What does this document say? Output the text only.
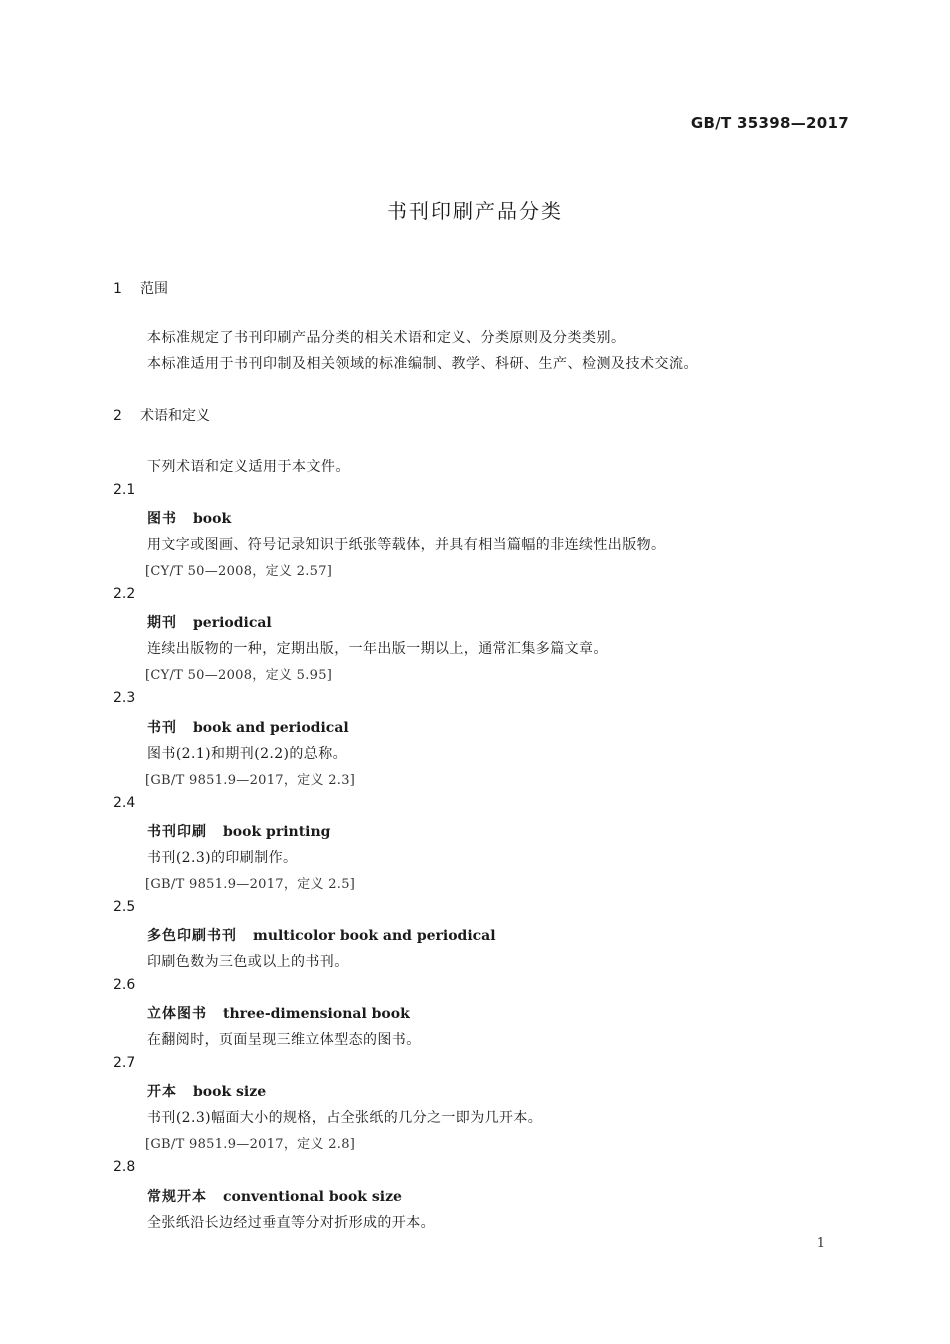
GB/T 35398—2017
书刊印刷产品分类
1 范围
本标准规定了书刊印刷产品分类的相关术语和定义、分类原则及分类类别。
本标准适用于书刊印制及相关领域的标准编制、教学、科研、生产、检测及技术交流。
2 术语和定义
下列术语和定义适用于本文件。
2.1
图书 book
用文字或图画、符号记录知识于纸张等载体，并具有相当篇幅的非连续性出版物。
[CY/T 50—2008，定义 2.57]
2.2
期刊 periodical
连续出版物的一种，定期出版，一年出版一期以上，通常汇集多篇文章。
[CY/T 50—2008，定义 5.95]
2.3
书刊 book and periodical
图书(2.1)和期刊(2.2)的总称。
[GB/T 9851.9—2017，定义 2.3]
2.4
书刊印刷 book printing
书刊(2.3)的印刷制作。
[GB/T 9851.9—2017，定义 2.5]
2.5
多色印刷书刊 multicolor book and periodical
印刷色数为三色或以上的书刊。
2.6
立体图书 three-dimensional book
在翻阅时，页面呈现三维立体型态的图书。
2.7
开本 book size
书刊(2.3)幅面大小的规格，占全张纸的几分之一即为几开本。
[GB/T 9851.9—2017，定义 2.8]
2.8
常规开本 conventional book size
全张纸沿长边经过垂直等分对折形成的开本。
1
